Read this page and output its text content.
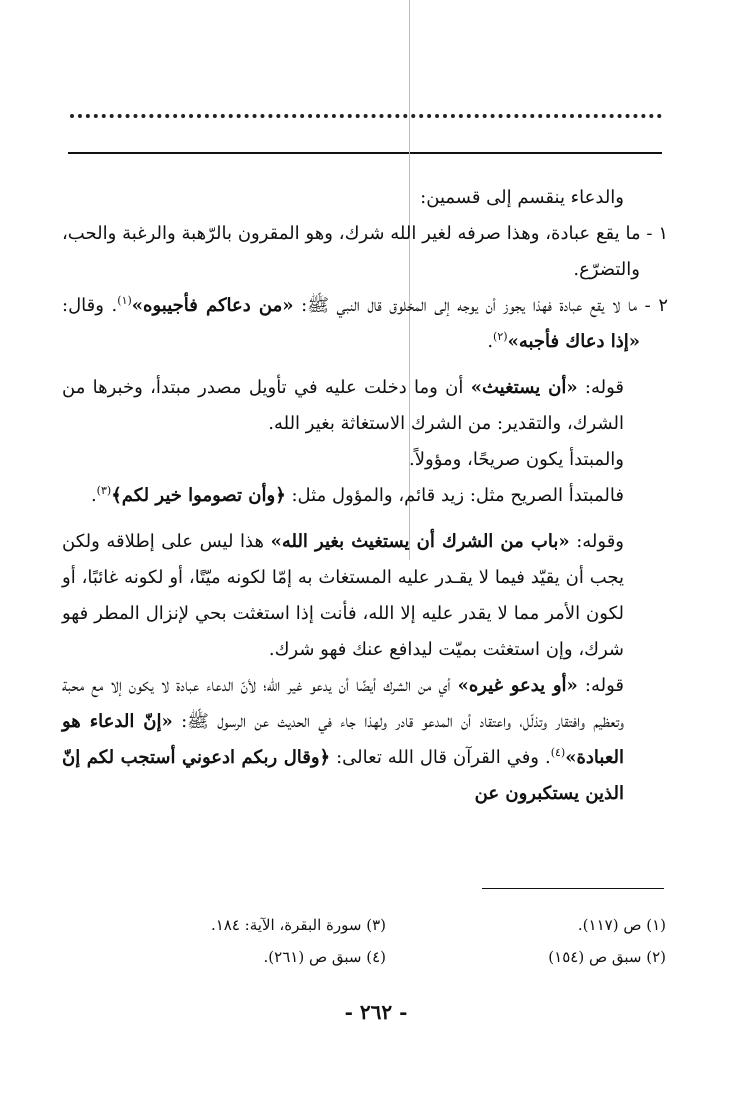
والدعاء ينقسم إلى قسمين:

١ - ما يقع عبادة، وهذا صرفه لغير الله شرك، وهو المقرون بالرّهبة والرغبة والحب، والتضرّع.

٢ - ما لا يقع عبادة فهذا يجوز أن يوجه إلى المخلوق قال النبي ﷺ: «من دعاكم فأجيبوه»$^{(١)}$. وقال: «إذا دعاك فأجبه»$^{(٢)}$.

قوله: «أن يستغيث» أن وما دخلت عليه في تأويل مصدر مبتدأ، وخبرها من الشرك، والتقدير: من الشرك الاستغاثة بغير الله.

والمبتدأ يكون صريحًا، ومؤولاً.

فالمبتدأ الصريح مثل: زيد قائم، والمؤول مثل: ﴿وأن تصوموا خير لكم﴾$^{(٣)}$.

وقوله: «باب من الشرك أن يستغيث بغير الله» هذا ليس على إطلاقه ولكن يجب أن يقيّد فيما لا يقـدر عليه المستغاث به إمّا لكونه ميّتًا، أو لكونه غائبًا، أو لكون الأمر مما لا يقدر عليه إلا الله، فأنت إذا استغثت بحي لإنزال المطر فهو شرك، وإن استغثت بميّت ليدافع عنك فهو شرك.

قوله: «أو يدعو غيره» أي من الشرك أيضًا أن يدعو غير الله؛ لأنّ الدعاء عبادة لا يكون إلا مع محبة وتعظيم وافتقار وتذلّل، واعتقاد أن المدعو قادر ولهذا جاء في الحديث عن الرسول ﷺ: «إنّ الدعاء هو العبادة»$^{(٤)}$. وفي القرآن قال الله تعالى: ﴿وقال ربكم ادعوني أستجب لكم إنّ الذين يستكبرون عن

(١) ص (١١٧).
(٢) سبق ص (١٥٤)
(٣) سورة البقرة، الآية: ١٨٤.
(٤) سبق ص (٢٦١).
- ٢٦٢ -
